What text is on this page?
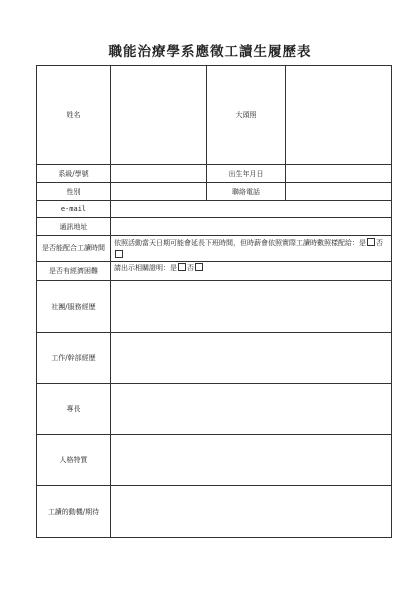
職能治療學系應徵工讀生履歷表
姓名		大頭照	
系級/學號		出生年月日	
性別		聯絡電話	
e-mail			
通訊地址			
是否能配合工讀時間	依照活動當天日期可能會延長下班時間，但時薪會依照實際工讀時數照樣配給：是 否		
是否有經濟困難	請出示相關證明：是 否		
社團/服務經歷			
工作/幹部經歷			
專長			
人格特質			
工讀的動機/期待			
